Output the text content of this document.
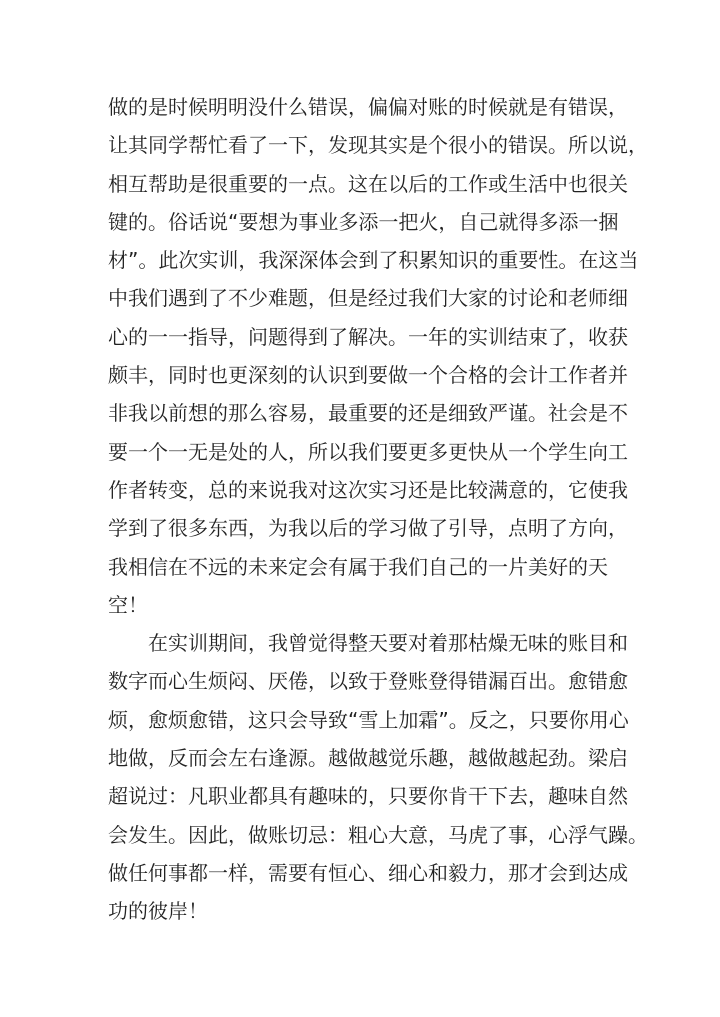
做的是时候明明没什么错误，偏偏对账的时候就是有错误，
让其同学帮忙看了一下，发现其实是个很小的错误。所以说，
相互帮助是很重要的一点。这在以后的工作或生活中也很关
键的。俗话说“要想为事业多添一把火，自己就得多添一捆
材”。此次实训，我深深体会到了积累知识的重要性。在这当
中我们遇到了不少难题，但是经过我们大家的讨论和老师细
心的一一指导，问题得到了解决。一年的实训结束了，收获
颇丰，同时也更深刻的认识到要做一个合格的会计工作者并
非我以前想的那么容易，最重要的还是细致严谨。社会是不
要一个一无是处的人，所以我们要更多更快从一个学生向工
作者转变，总的来说我对这次实习还是比较满意的，它使我
学到了很多东西，为我以后的学习做了引导，点明了方向，
我相信在不远的未来定会有属于我们自己的一片美好的天
空！
在实训期间，我曾觉得整天要对着那枯燥无味的账目和
数字而心生烦闷、厌倦，以致于登账登得错漏百出。愈错愈
烦，愈烦愈错，这只会导致“雪上加霜”。反之，只要你用心
地做，反而会左右逢源。越做越觉乐趣，越做越起劲。梁启
超说过：凡职业都具有趣味的，只要你肯干下去，趣味自然
会发生。因此，做账切忌：粗心大意，马虎了事，心浮气躁。
做任何事都一样，需要有恒心、细心和毅力，那才会到达成
功的彼岸！
